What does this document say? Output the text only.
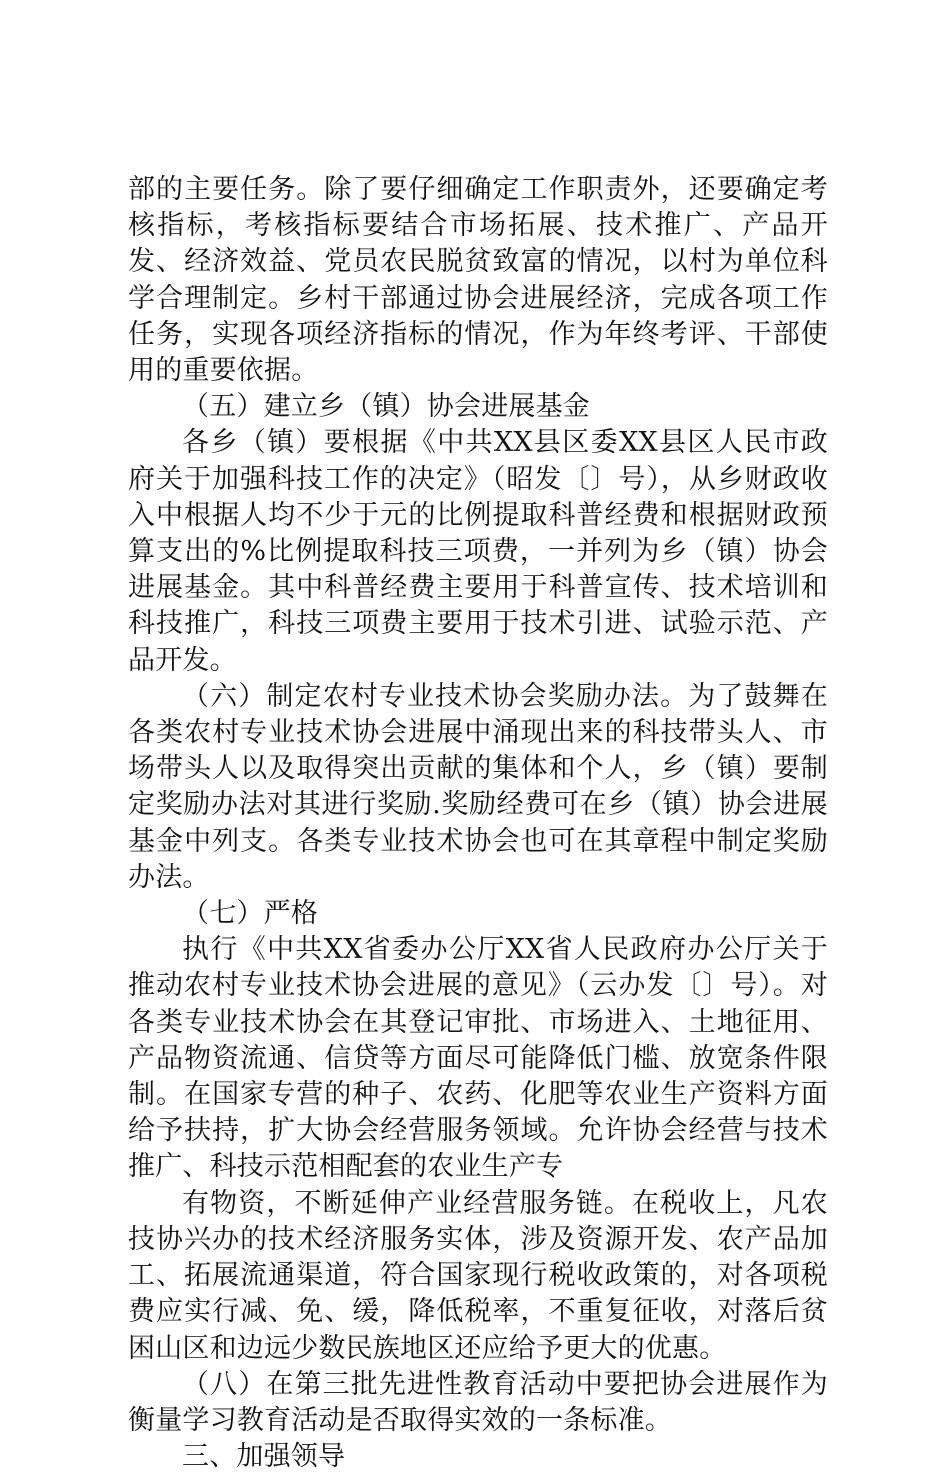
部的主要任务。除了要仔细确定工作职责外，还要确定考核指标，考核指标要结合市场拓展、技术推广、产品开发、经济效益、党员农民脱贫致富的情况，以村为单位科学合理制定。乡村干部通过协会进展经济，完成各项工作任务，实现各项经济指标的情况，作为年终考评、干部使用的重要依据。

（五）建立乡（镇）协会进展基金

各乡（镇）要根据《中共XX县区委XX县区人民市政府关于加强科技工作的决定》（昭发〔〕号），从乡财政收入中根据人均不少于元的比例提取科普经费和根据财政预算支出的%比例提取科技三项费，一并列为乡（镇）协会进展基金。其中科普经费主要用于科普宣传、技术培训和科技推广，科技三项费主要用于技术引进、试验示范、产品开发。

（六）制定农村专业技术协会奖励办法。为了鼓舞在各类农村专业技术协会进展中涌现出来的科技带头人、市场带头人以及取得突出贡献的集体和个人，乡（镇）要制定奖励办法对其进行奖励.奖励经费可在乡（镇）协会进展基金中列支。各类专业技术协会也可在其章程中制定奖励办法。

（七）严格

执行《中共XX省委办公厅XX省人民政府办公厅关于推动农村专业技术协会进展的意见》（云办发〔〕号）。对各类专业技术协会在其登记审批、市场进入、土地征用、产品物资流通、信贷等方面尽可能降低门槛、放宽条件限制。在国家专营的种子、农药、化肥等农业生产资料方面给予扶持，扩大协会经营服务领域。允许协会经营与技术推广、科技示范相配套的农业生产专

有物资，不断延伸产业经营服务链。在税收上，凡农技协兴办的技术经济服务实体，涉及资源开发、农产品加工、拓展流通渠道，符合国家现行税收政策的，对各项税费应实行减、免、缓，降低税率，不重复征收，对落后贫困山区和边远少数民族地区还应给予更大的优惠。

（八）在第三批先进性教育活动中要把协会进展作为衡量学习教育活动是否取得实效的一条标准。

三、加强领导
